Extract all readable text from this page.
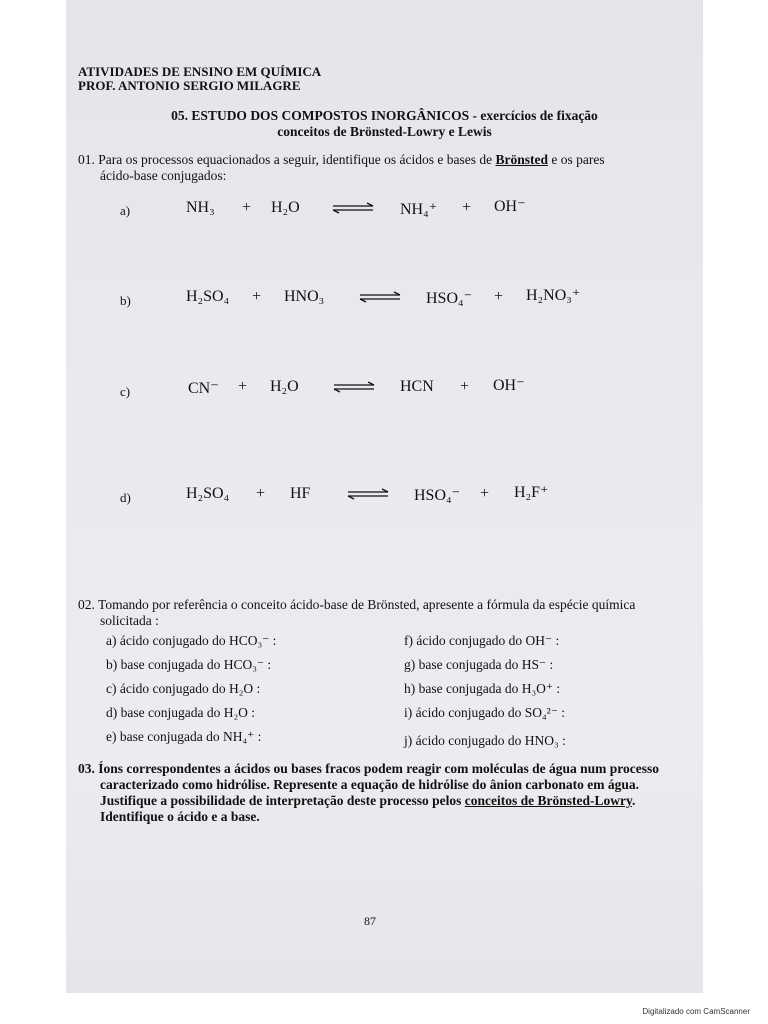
ATIVIDADES DE ENSINO EM QUÍMICA
PROF. ANTONIO SERGIO MILAGRE
05. ESTUDO DOS COMPOSTOS INORGÂNICOS - exercícios de fixação
conceitos de Brönsted-Lowry e Lewis
01. Para os processos equacionados a seguir, identifique os ácidos e bases de Brönsted e os pares
ácido-base conjugados:
a)	NH₃ + H₂O	NH₄⁺ + OH⁻
b)	H₂SO₄ + HNO₃	HSO₄⁻ + H₂NO₃⁺
c)	CN⁻ + H₂O	HCN + OH⁻
d)	H₂SO₄ + HF	HSO₄⁻ + H₂F⁺
02. Tomando por referência o conceito ácido-base de Brönsted, apresente a fórmula da espécie química
solicitada :
a) ácido conjugado do HCO₃⁻ :
b) base conjugada do HCO₃⁻ :
c) ácido conjugado do H₂O :
d) base conjugada do H₂O :
e) base conjugada do NH₄⁺ :
f) ácido conjugado do OH⁻ :
g) base conjugada do HS⁻ :
h) base conjugada do H₃O⁺ :
i) ácido conjugado do SO₄²⁻ :
j) ácido conjugado do HNO₃ :
03. Íons correspondentes a ácidos ou bases fracos podem reagir com moléculas de água num processo
caracterizado como hidrólise. Represente a equação de hidrólise do ânion carbonato em água.
Justifique a possibilidade de interpretação deste processo pelos conceitos de Brönsted-Lowry.
Identifique o ácido e a base.
87
Digitalizado com CamScanner
